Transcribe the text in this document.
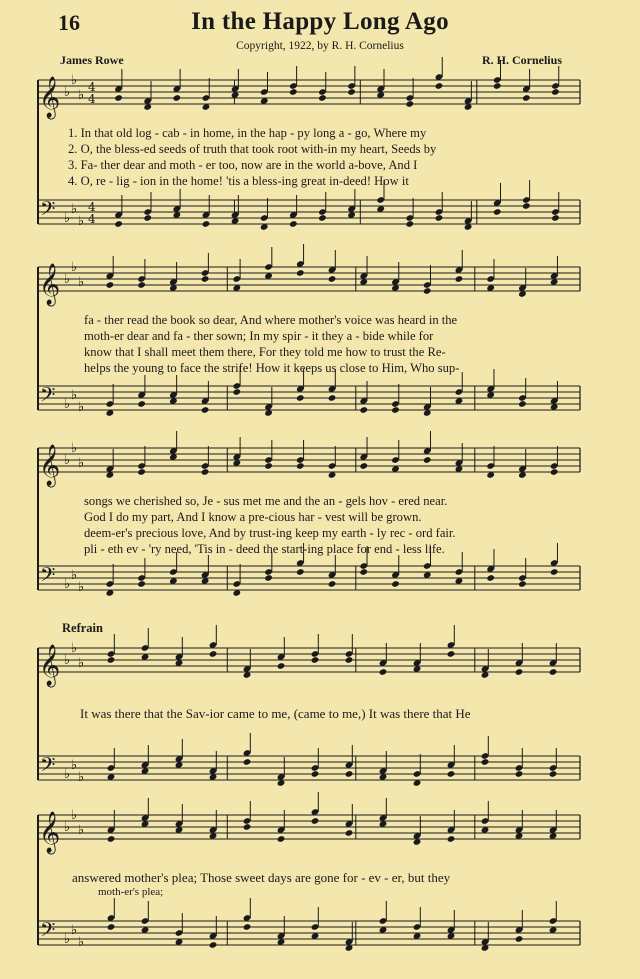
𝄞 ♭
♭
♭
4
4
𝄢 ♭
♭
♭
4
4
𝄞 ♭
♭
♭
𝄢 ♭
♭
♭
𝄞 ♭
♭
♭
𝄢 ♭
♭
♭
𝄞 ♭
♭
♭
𝄢 ♭
♭
♭
𝄞 ♭
♭
♭
𝄢 ♭
♭
♭
16	In the Happy Long Ago
Copyright, 1922, by R. H. Cornelius
James Rowe	R. H. Cornelius
Refrain
1. In that old log - cab - in home, in the hap - py long a - go, Where my
2. O, the bless-ed seeds of truth that took root with-in my heart, Seeds by
3. Fa- ther dear and moth - er too, now are in the world a-bove, And I
4. O, re - lig - ion in the home! 'tis a bless-ing great in-deed! How it
fa - ther read the book so dear, And where mother's voice was heard in the
moth-er dear and fa - ther sown; In my spir - it they a - bide while for
know that I shall meet them there, For they told me how to trust the Re-
helps the young to face the strife! How it keeps us close to Him, Who sup-
songs we cherished so, Je - sus met me and the an - gels hov - ered near.
God I do my part, And I know a pre-cious har - vest will be grown.
deem-er's precious love, And by trust-ing keep my earth - ly rec - ord fair.
pli - eth ev - 'ry need, 'Tis in - deed the start-ing place for end - less life.
It was there that the Sav-ior came to me, (came to me,) It was there that He
answered mother's plea; Those sweet days are gone for - ev - er, but they
moth-er's plea;
